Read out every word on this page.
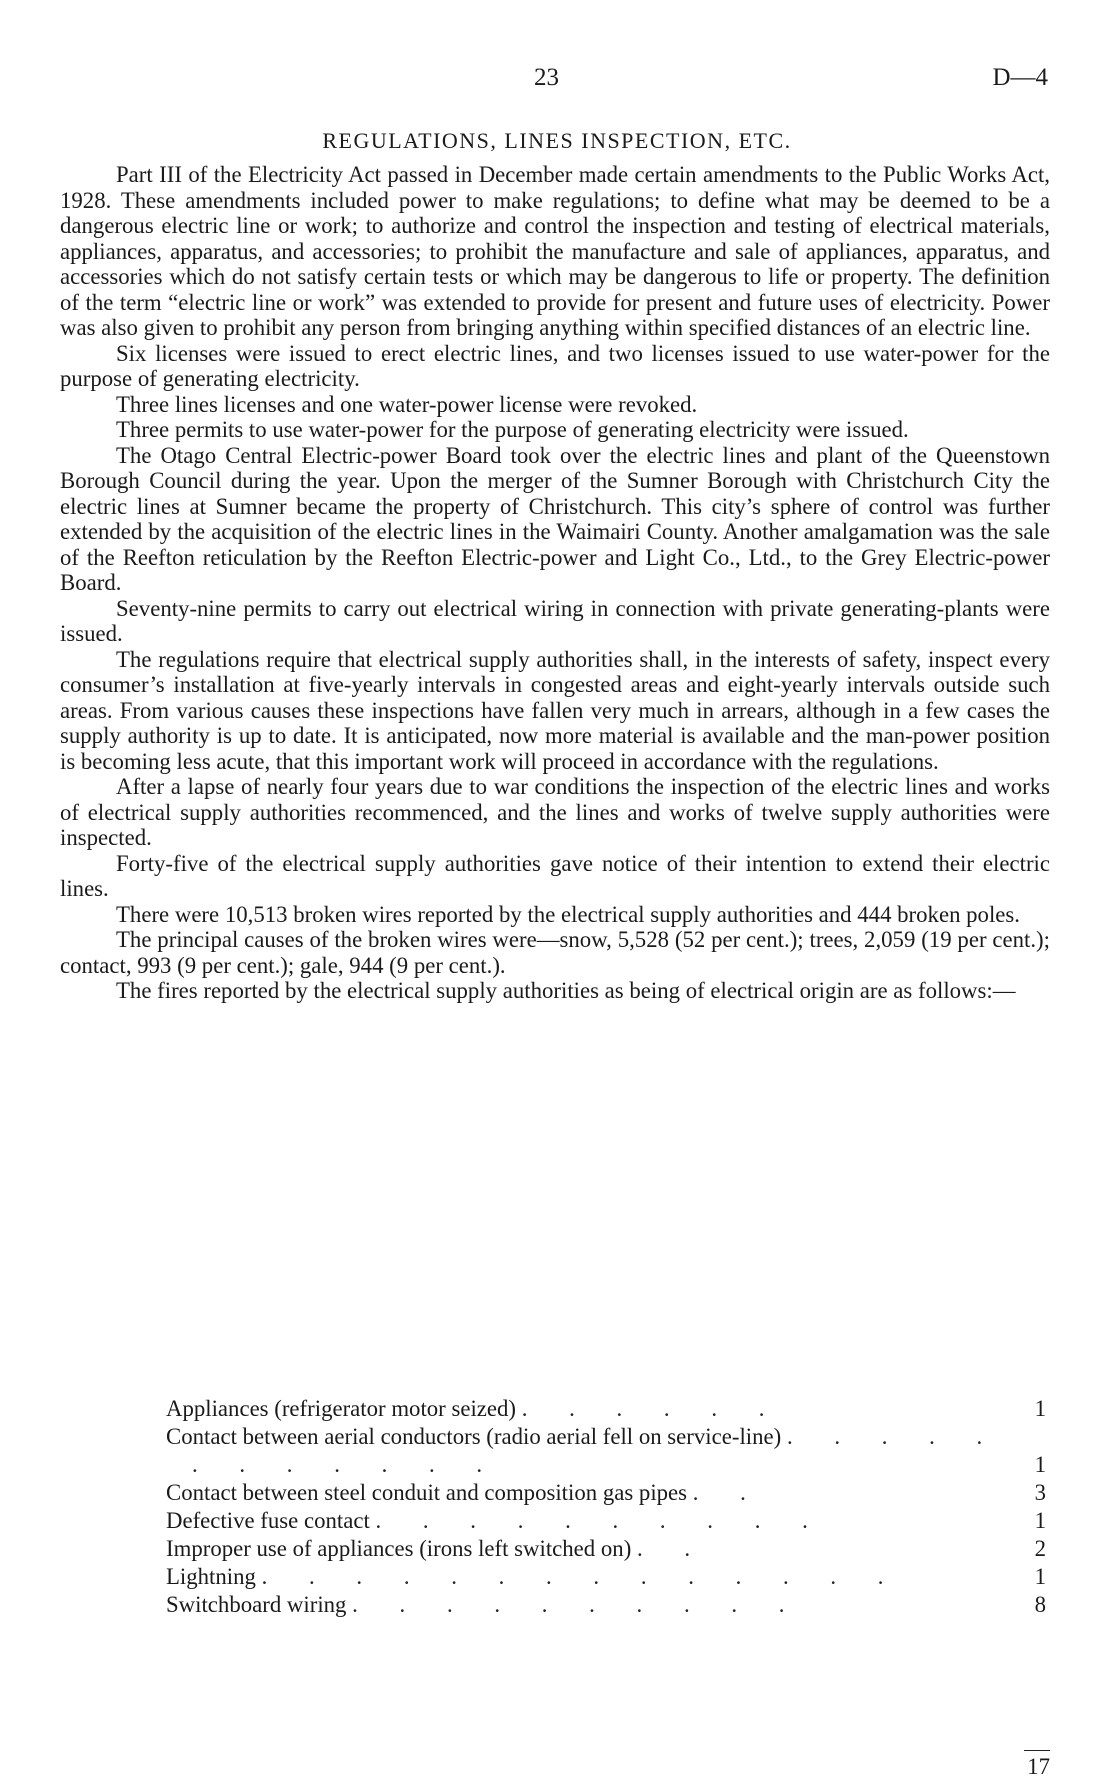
23	D—4
REGULATIONS, LINES INSPECTION, ETC.

Part III of the Electricity Act passed in December made certain amendments to the Public Works Act, 1928. These amendments included power to make regulations; to define what may be deemed to be a dangerous electric line or work; to authorize and control the inspection and testing of electrical materials, appliances, apparatus, and accessories; to prohibit the manufacture and sale of appliances, apparatus, and accessories which do not satisfy certain tests or which may be dangerous to life or property. The definition of the term “electric line or work” was extended to provide for present and future uses of electricity. Power was also given to prohibit any person from bringing anything within specified distances of an electric line.

Six licenses were issued to erect electric lines, and two licenses issued to use water-power for the purpose of generating electricity.

Three lines licenses and one water-power license were revoked.

Three permits to use water-power for the purpose of generating electricity were issued.

The Otago Central Electric-power Board took over the electric lines and plant of the Queenstown Borough Council during the year. Upon the merger of the Sumner Borough with Christchurch City the electric lines at Sumner became the property of Christchurch. This city’s sphere of control was further extended by the acquisition of the electric lines in the Waimairi County. Another amalgamation was the sale of the Reefton reticulation by the Reefton Electric-power and Light Co., Ltd., to the Grey Electric-power Board.

Seventy-nine permits to carry out electrical wiring in connection with private generating-plants were issued.

The regulations require that electrical supply authorities shall, in the interests of safety, inspect every consumer’s installation at five-yearly intervals in congested areas and eight-yearly intervals outside such areas. From various causes these inspections have fallen very much in arrears, although in a few cases the supply authority is up to date. It is anticipated, now more material is available and the man-power position is becoming less acute, that this important work will proceed in accordance with the regulations.

After a lapse of nearly four years due to war conditions the inspection of the electric lines and works of electrical supply authorities recommenced, and the lines and works of twelve supply authorities were inspected.

Forty-five of the electrical supply authorities gave notice of their intention to extend their electric lines.

There were 10,513 broken wires reported by the electrical supply authorities and 444 broken poles.

The principal causes of the broken wires were—snow, 5,528 (52 per cent.); trees, 2,059 (19 per cent.); contact, 993 (9 per cent.); gale, 944 (9 per cent.).

The fires reported by the electrical supply authorities as being of electrical origin are as follows:—

Appliances (refrigerator motor seized) . . . . . .	1
Contact between aerial conductors (radio aerial fell on service-line) . . . . . . . . . . . .	1
Contact between steel conduit and composition gas pipes . .	3
Defective fuse contact . . . . . . . . . .	1
Improper use of appliances (irons left switched on) . .	2
Lightning . . . . . . . . . . . . . .	1
Switchboard wiring . . . . . . . . . .	8
17
